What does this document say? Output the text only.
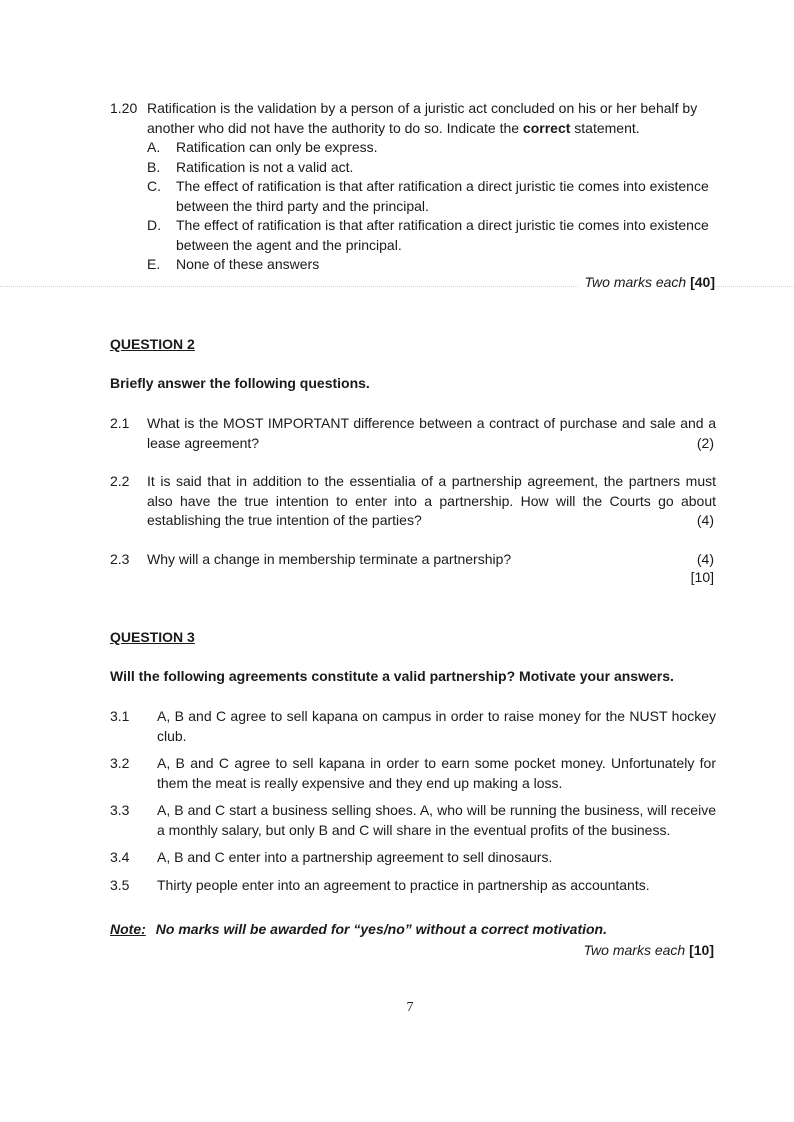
1.20 Ratification is the validation by a person of a juristic act concluded on his or her behalf by another who did not have the authority to do so. Indicate the correct statement.
A.	Ratification can only be express.
B.	Ratification is not a valid act.
C.	The effect of ratification is that after ratification a direct juristic tie comes into existence between the third party and the principal.
D.	The effect of ratification is that after ratification a direct juristic tie comes into existence between the agent and the principal.
E.	None of these answers
Two marks each [40]
QUESTION 2
Briefly answer the following questions.
2.1 What is the MOST IMPORTANT difference between a contract of purchase and sale and a lease agreement?	(2)
2.2 It is said that in addition to the essentialia of a partnership agreement, the partners must also have the true intention to enter into a partnership. How will the Courts go about establishing the true intention of the parties?	(4)
2.3 Why will a change in membership terminate a partnership?	(4)
[10]
QUESTION 3
Will the following agreements constitute a valid partnership? Motivate your answers.
3.1 A, B and C agree to sell kapana on campus in order to raise money for the NUST hockey club.
3.2 A, B and C agree to sell kapana in order to earn some pocket money. Unfortunately for them the meat is really expensive and they end up making a loss.
3.3 A, B and C start a business selling shoes. A, who will be running the business, will receive a monthly salary, but only B and C will share in the eventual profits of the business.
3.4 A, B and C enter into a partnership agreement to sell dinosaurs.
3.5 Thirty people enter into an agreement to practice in partnership as accountants.
Note: No marks will be awarded for “yes/no” without a correct motivation.
Two marks each [10]
7
